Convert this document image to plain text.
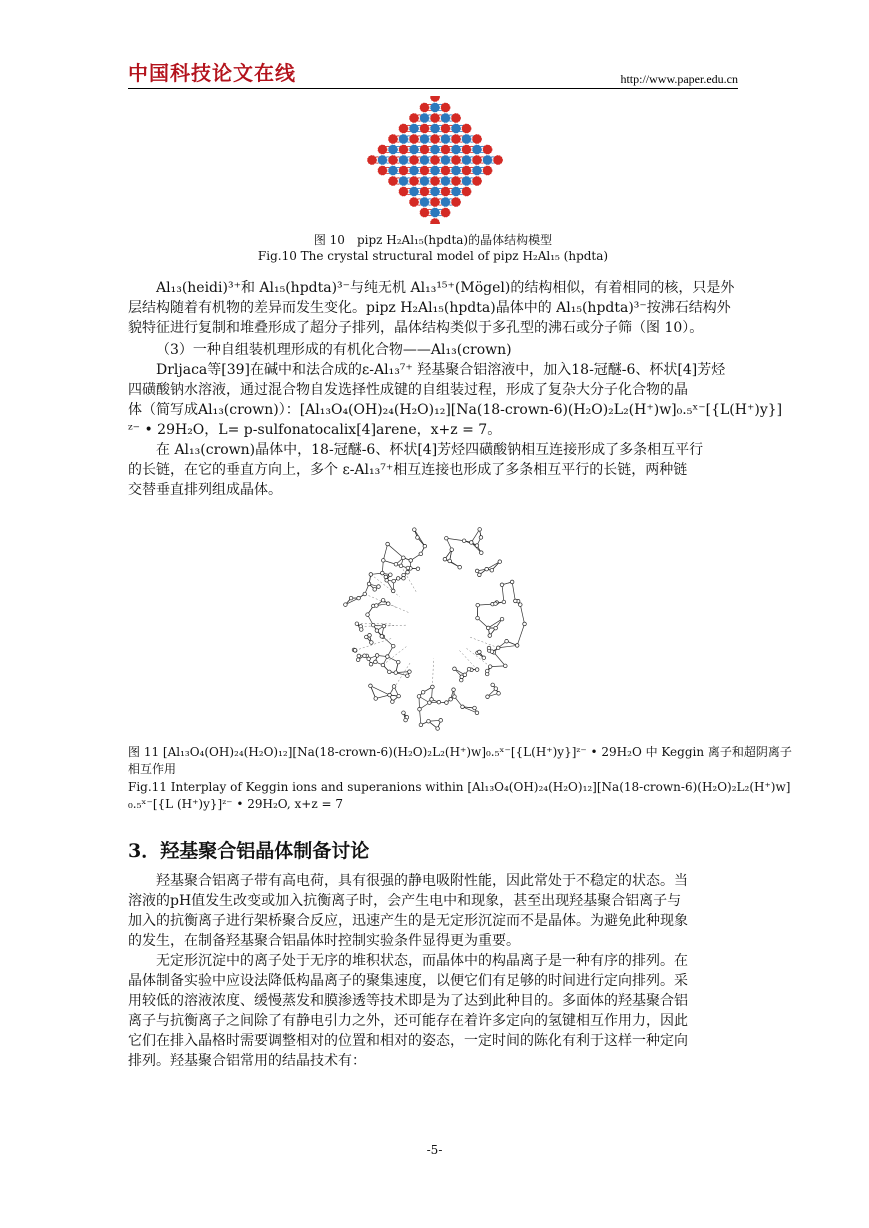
中国科技论文在线	http://www.paper.edu.cn
图 10　pipz H₂Al₁₅(hpdta)的晶体结构模型
Fig.10 The crystal structural model of pipz H₂Al₁₅ (hpdta)
Al₁₃(heidi)³⁺和 Al₁₅(hpdta)³⁻与纯无机 Al₁₃¹⁵⁺(Mögel)的结构相似，有着相同的核，只是外
层结构随着有机物的差异而发生变化。pipz H₂Al₁₅(hpdta)晶体中的 Al₁₅(hpdta)³⁻按沸石结构外
貌特征进行复制和堆叠形成了超分子排列，晶体结构类似于多孔型的沸石或分子筛（图 10）。
（3）一种自组装机理形成的有机化合物——Al₁₃(crown)
Drljaca等[39]在碱中和法合成的ε-Al₁₃⁷⁺ 羟基聚合铝溶液中，加入18-冠醚-6、杯状[4]芳烃
四磺酸钠水溶液，通过混合物自发选择性成键的自组装过程，形成了复杂大分子化合物的晶
体（简写成Al₁₃(crown)）：[Al₁₃O₄(OH)₂₄(H₂O)₁₂][Na(18-crown-6)(H₂O)₂L₂(H⁺)w]₀.₅ˣ⁻[{L(H⁺)y}]
ᶻ⁻ • 29H₂O，L= p-sulfonatocalix[4]arene，x+z = 7。
在 Al₁₃(crown)晶体中，18-冠醚-6、杯状[4]芳烃四磺酸钠相互连接形成了多条相互平行
的长链，在它的垂直方向上，多个 ε-Al₁₃⁷⁺相互连接也形成了多条相互平行的长链，两种链
交替垂直排列组成晶体。
图 11 [Al₁₃O₄(OH)₂₄(H₂O)₁₂][Na(18-crown-6)(H₂O)₂L₂(H⁺)w]₀.₅ˣ⁻[{L(H⁺)y}]ᶻ⁻ • 29H₂O 中 Keggin 离子和超阴离子
相互作用
Fig.11 Interplay of Keggin ions and superanions within [Al₁₃O₄(OH)₂₄(H₂O)₁₂][Na(18-crown-6)(H₂O)₂L₂(H⁺)w]
₀.₅ˣ⁻[{L (H⁺)y}]ᶻ⁻ • 29H₂O, x+z = 7
3．羟基聚合铝晶体制备讨论
羟基聚合铝离子带有高电荷，具有很强的静电吸附性能，因此常处于不稳定的状态。当
溶液的pH值发生改变或加入抗衡离子时，会产生电中和现象，甚至出现羟基聚合铝离子与
加入的抗衡离子进行架桥聚合反应，迅速产生的是无定形沉淀而不是晶体。为避免此种现象
的发生，在制备羟基聚合铝晶体时控制实验条件显得更为重要。
无定形沉淀中的离子处于无序的堆积状态，而晶体中的构晶离子是一种有序的排列。在
晶体制备实验中应设法降低构晶离子的聚集速度，以便它们有足够的时间进行定向排列。采
用较低的溶液浓度、缓慢蒸发和膜渗透等技术即是为了达到此种目的。多面体的羟基聚合铝
离子与抗衡离子之间除了有静电引力之外，还可能存在着许多定向的氢键相互作用力，因此
它们在排入晶格时需要调整相对的位置和相对的姿态，一定时间的陈化有利于这样一种定向
排列。羟基聚合铝常用的结晶技术有：
-5-
